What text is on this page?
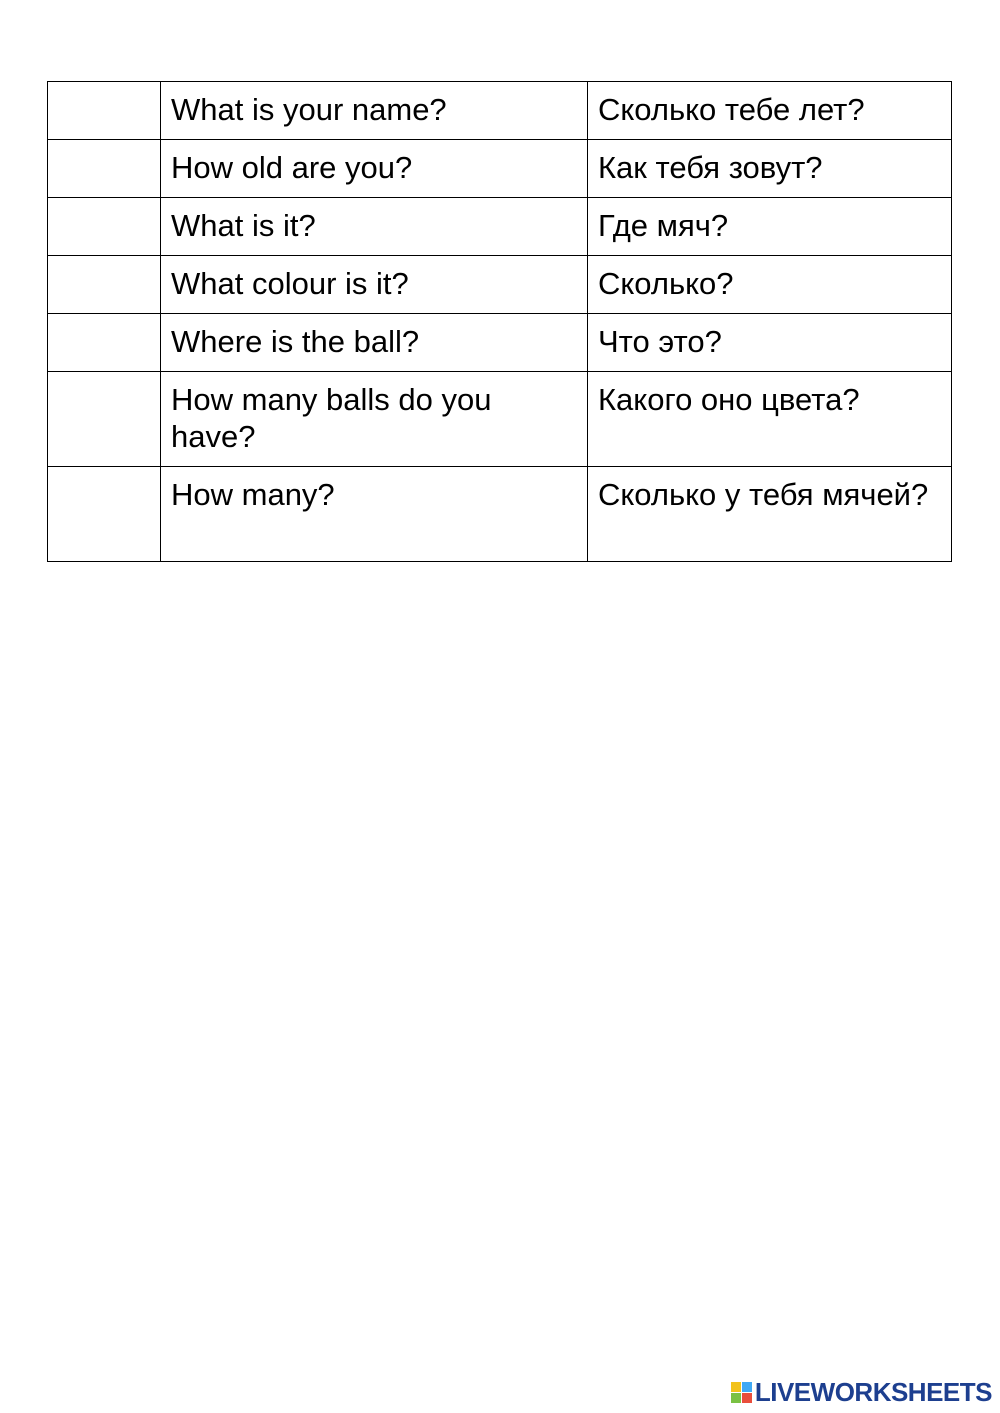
	What is your name?	Сколько тебе лет?
	How old are you?	Как тебя зовут?
	What is it?	Где мяч?
	What colour is it?	Сколько?
	Where is the ball?	Что это?
	How many balls do you have?	Какого оно цвета?
	How many?	Сколько у тебя мячей?
LIVEWORKSHEETS
